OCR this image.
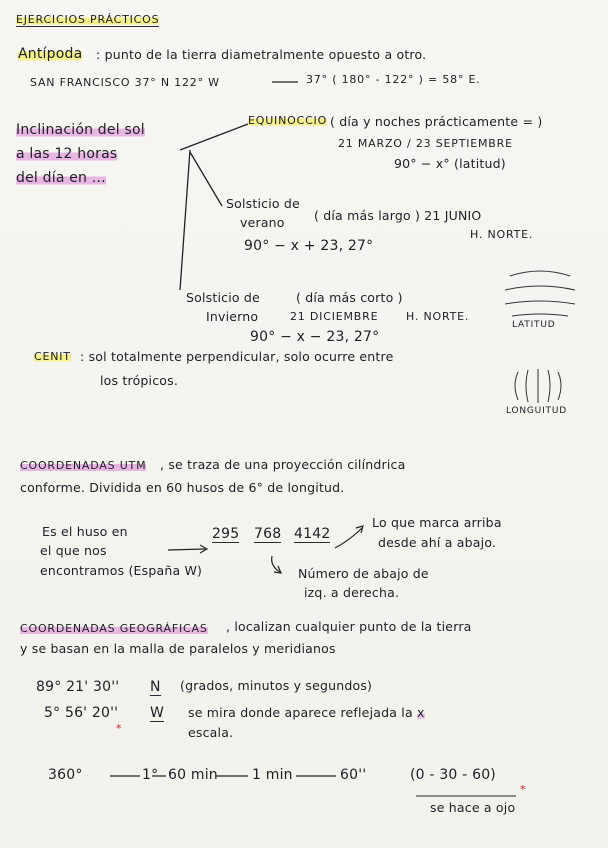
EJERCICIOS PRÁCTICOS
Antípoda : punto de la tierra diametralmente opuesto a otro.
SAN FRANCISCO 37° N 122° W	37° ( 180° - 122° ) = 58° E.
Inclinación del sol
a las 12 horas
del día en ...
EQUINOCCIO ( día y noches prácticamente = )
21 MARZO / 23 SEPTIEMBRE
90° − x° (latitud)
Solsticio de
verano ( día más largo ) 21 JUNIO
H. NORTE.
90° − x + 23, 27°
Solsticio de	( día más corto )
Invierno	21 DICIEMBRE	H. NORTE.
90° − x − 23, 27°
LATITUD
LONGUITUD
CENIT : sol totalmente perpendicular, solo ocurre entre
los trópicos.
COORDENADAS UTM , se traza de una proyección cilíndrica
conforme. Dividida en 60 husos de 6° de longitud.
Es el huso en
el que nos
encontramos (España W)
295 768 4142
Lo que marca arriba
desde ahí a abajo.
Número de abajo de
izq. a derecha.
COORDENADAS GEOGRÁFICAS , localizan cualquier punto de la tierra
y se basan en la malla de paralelos y meridianos
89° 21' 30'' N (grados, minutos y segundos)
5° 56' 20'' W se mira donde aparece reflejada la x
escala.
*
360°	1° 60 min 1 min	60''	(0 - 30 - 60)
*
se hace a ojo
